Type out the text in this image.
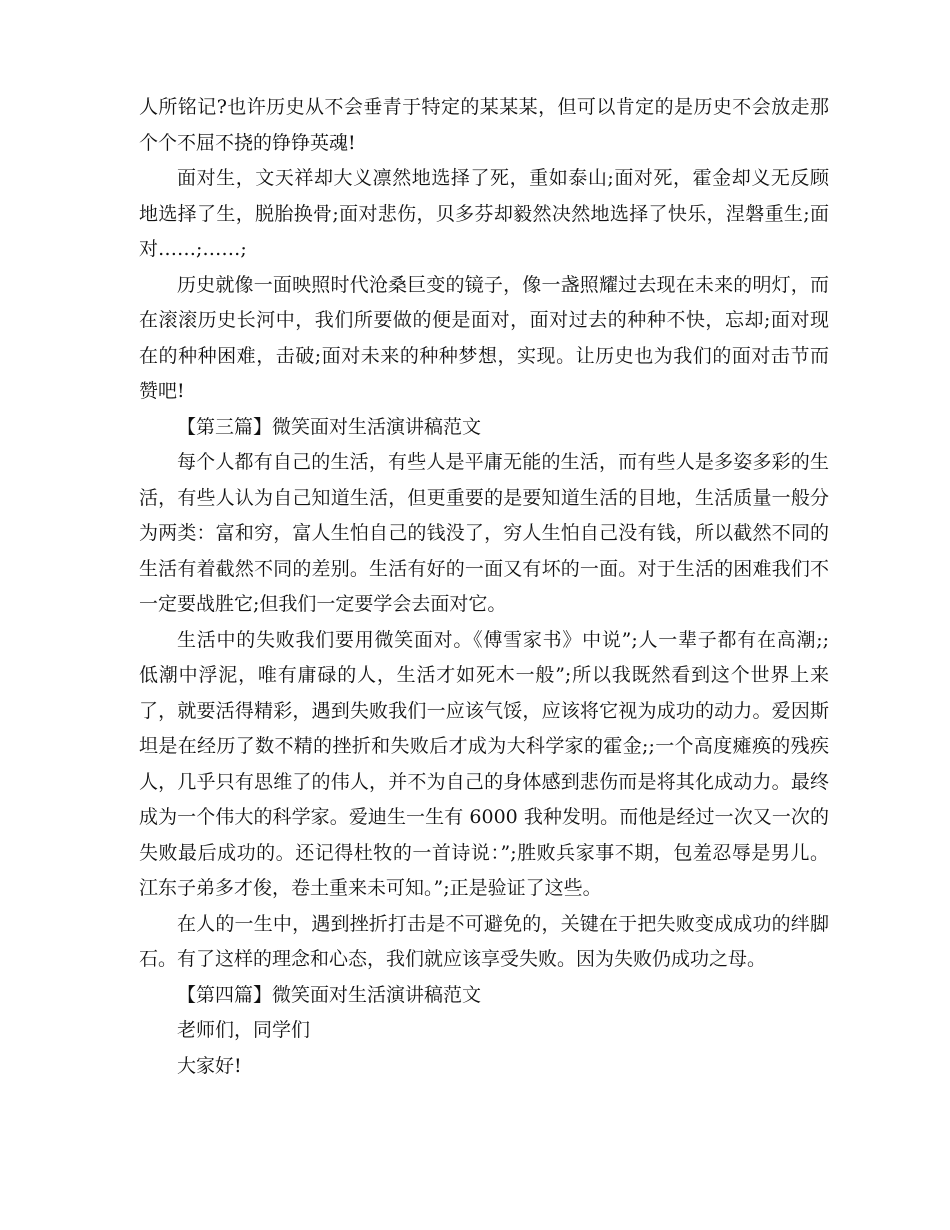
人所铭记?也许历史从不会垂青于特定的某某某，但可以肯定的是历史不会放走那
个个不屈不挠的铮铮英魂!
面对生，文天祥却大义凛然地选择了死，重如泰山;面对死，霍金却义无反顾
地选择了生，脱胎换骨;面对悲伤，贝多芬却毅然决然地选择了快乐，涅磐重生;面
对……;……;
历史就像一面映照时代沧桑巨变的镜子，像一盏照耀过去现在未来的明灯，而
在滚滚历史长河中，我们所要做的便是面对，面对过去的种种不快，忘却;面对现
在的种种困难，击破;面对未来的种种梦想，实现。让历史也为我们的面对击节而
赞吧!
【第三篇】微笑面对生活演讲稿范文
每个人都有自己的生活，有些人是平庸无能的生活，而有些人是多姿多彩的生
活，有些人认为自己知道生活，但更重要的是要知道生活的目地，生活质量一般分
为两类：富和穷，富人生怕自己的钱没了，穷人生怕自己没有钱，所以截然不同的
生活有着截然不同的差别。生活有好的一面又有坏的一面。对于生活的困难我们不
一定要战胜它;但我们一定要学会去面对它。
生活中的失败我们要用微笑面对。《傅雪家书》中说”;人一辈子都有在高潮;;
低潮中浮泥，唯有庸碌的人，生活才如死木一般”;所以我既然看到这个世界上来
了，就要活得精彩，遇到失败我们一应该气馁，应该将它视为成功的动力。爱因斯
坦是在经历了数不精的挫折和失败后才成为大科学家的霍金;;一个高度瘫痪的残疾
人，几乎只有思维了的伟人，并不为自己的身体感到悲伤而是将其化成动力。最终
成为一个伟大的科学家。爱迪生一生有 6000 我种发明。而他是经过一次又一次的
失败最后成功的。还记得杜牧的一首诗说：”;胜败兵家事不期，包羞忍辱是男儿。
江东子弟多才俊，卷土重来未可知。”;正是验证了这些。
在人的一生中，遇到挫折打击是不可避免的，关键在于把失败变成成功的绊脚
石。有了这样的理念和心态，我们就应该享受失败。因为失败仍成功之母。
【第四篇】微笑面对生活演讲稿范文
老师们，同学们
大家好!
